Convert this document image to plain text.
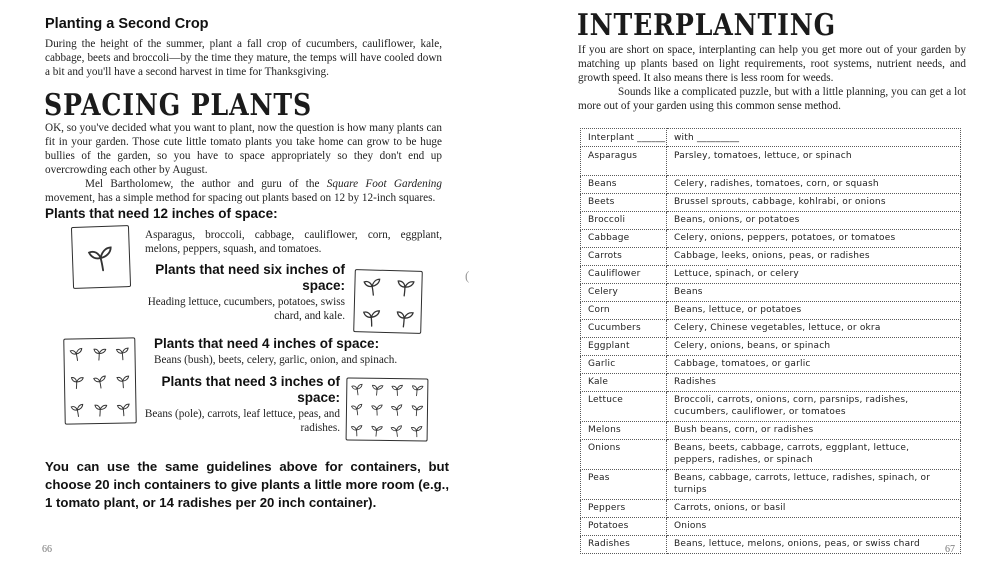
Planting a Second Crop
During the height of the summer, plant a fall crop of cucumbers, cauliflower, kale, cabbage, beets and broccoli—by the time they mature, the temps will have cooled down a bit and you'll have a second harvest in time for Thanksgiving.
SPACING PLANTS

OK, so you've decided what you want to plant, now the question is how many plants can fit in your garden. Those cute little tomato plants you take home can grow to be huge bullies of the garden, so you have to space appropriately so they don't end up overcrowding each other by August.

Mel Bartholomew, the author and guru of the Square Foot Gardening movement, has a simple method for spacing out plants based on 12 by 12-inch squares.

Plants that need 12 inches of space:
Asparagus, broccoli, cabbage, cauliflower, corn, eggplant, melons, peppers, squash, and tomatoes.
Plants that need six inches of space:
Heading lettuce, cucumbers, potatoes, swiss chard, and kale.
Plants that need 4 inches of space:
Beans (bush), beets, celery, garlic, onion, and spinach.
Plants that need 3 inches of space:
Beans (pole), carrots, leaf lettuce, peas, and radishes.
You can use the same guidelines above for containers, but choose 20 inch containers to give plants a little more room (e.g., 1 tomato plant, or 14 radishes per 20 inch container).
66
(
INTERPLANTING

If you are short on space, interplanting can help you get more out of your garden by matching up plants based on light requirements, root systems, nutrient needs, and growth speed. It also means there is less room for weeds.

Sounds like a complicated puzzle, but with a little planning, you can get a lot more out of your garden using this common sense method.

Interplant ______	with _________
Asparagus	Parsley, tomatoes, lettuce, or spinach
Beans	Celery, radishes, tomatoes, corn, or squash
Beets	Brussel sprouts, cabbage, kohlrabi, or onions
Broccoli	Beans, onions, or potatoes
Cabbage	Celery, onions, peppers, potatoes, or tomatoes
Carrots	Cabbage, leeks, onions, peas, or radishes
Cauliflower	Lettuce, spinach, or celery
Celery	Beans
Corn	Beans, lettuce, or potatoes
Cucumbers	Celery, Chinese vegetables, lettuce, or okra
Eggplant	Celery, onions, beans, or spinach
Garlic	Cabbage, tomatoes, or garlic
Kale	Radishes
Lettuce	Broccoli, carrots, onions, corn, parsnips, radishes, cucumbers, cauliflower, or tomatoes
Melons	Bush beans, corn, or radishes
Onions	Beans, beets, cabbage, carrots, eggplant, lettuce, peppers, radishes, or spinach
Peas	Beans, cabbage, carrots, lettuce, radishes, spinach, or turnips
Peppers	Carrots, onions, or basil
Potatoes	Onions
Radishes	Beans, lettuce, melons, onions, peas, or swiss chard	67
